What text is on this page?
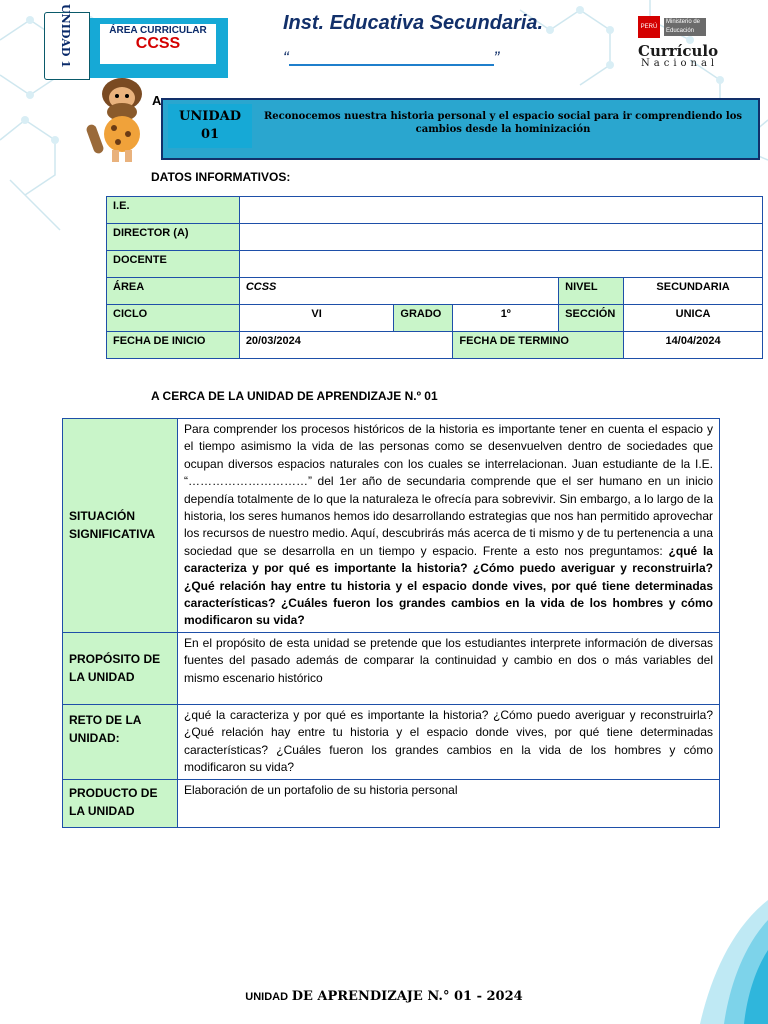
UNIDAD 1	ÁREA CURRICULAR
CCSS
Inst. Educativa Secundaria.
“	”
PERÚ
Ministerio de Educación
Currículo
Nacional
A
UNIDAD
01
Reconocemos nuestra historia personal y el espacio social para ir comprendiendo los cambios desde la hominización
DATOS INFORMATIVOS:
I.E.					
DIRECTOR (A)					
DOCENTE					
ÁREA	CCSS			NIVEL	SECUNDARIA
CICLO	VI	GRADO	1º	SECCIÓN	UNICA
FECHA DE INICIO	20/03/2024		FECHA DE TERMINO		14/04/2024
A CERCA DE LA UNIDAD DE APRENDIZAJE N.º 01
SITUACIÓN SIGNIFICATIVA	Para comprender los procesos históricos de la historia es importante tener en cuenta el espacio y el tiempo asimismo la vida de las personas como se desenvuelven dentro de sociedades que ocupan diversos espacios naturales con los cuales se interrelacionan. Juan estudiante de la I.E. “…………………………” del 1er año de secundaria comprende que el ser humano en un inicio dependía totalmente de lo que la naturaleza le ofrecía para sobrevivir. Sin embargo, a lo largo de la historia, los seres humanos hemos ido desarrollando estrategias que nos han permitido aprovechar los recursos de nuestro medio. Aquí, descubrirás más acerca de ti mismo y de tu pertenencia a una sociedad que se desarrolla en un tiempo y espacio. Frente a esto nos preguntamos: ¿qué la caracteriza y por qué es importante la historia? ¿Cómo puedo averiguar y reconstruirla? ¿Qué relación hay entre tu historia y el espacio donde vives, por qué tiene determinadas características? ¿Cuáles fueron los grandes cambios en la vida de los hombres y cómo modificaron su vida?
PROPÓSITO DE LA UNIDAD	En el propósito de esta unidad se pretende que los estudiantes interprete información de diversas fuentes del pasado además de comparar la continuidad y cambio en dos o más variables del mismo escenario histórico
RETO DE LA UNIDAD:	¿qué la caracteriza y por qué es importante la historia? ¿Cómo puedo averiguar y reconstruirla? ¿Qué relación hay entre tu historia y el espacio donde vives, por qué tiene determinadas características? ¿Cuáles fueron los grandes cambios en la vida de los hombres y cómo modificaron su vida?
PRODUCTO DE LA UNIDAD	Elaboración de un portafolio de su historia personal
UNIDAD DE APRENDIZAJE N.° 01 - 2024
